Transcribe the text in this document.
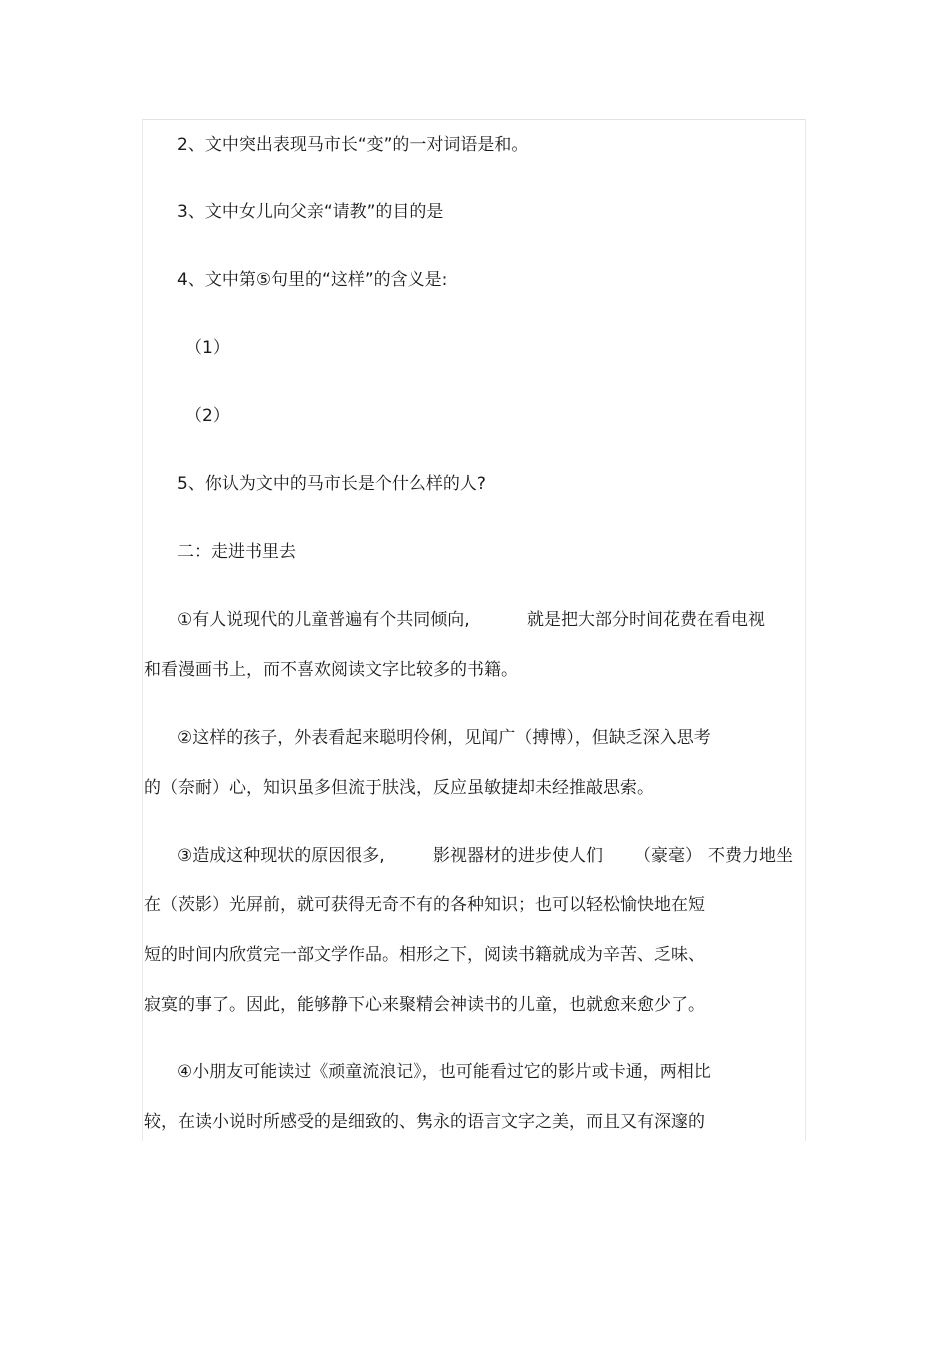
2、文中突出表现马市长“变”的一对词语是和。
3、文中女儿向父亲“请教”的目的是
4、文中第⑤句里的“这样”的含义是:
（1）
（2）
5、你认为文中的马市长是个什么样的人?
二：走进书里去
①有人说现代的儿童普遍有个共同倾向,	就是把大部分时间花费在看电视
和看漫画书上，而不喜欢阅读文字比较多的书籍。
②这样的孩子，外表看起来聪明伶俐，见闻广（搏博），但缺乏深入思考
的（奈耐）心，知识虽多但流于肤浅，反应虽敏捷却未经推敲思索。
③造成这种现状的原因很多,	影视器材的进步使人们 （豪毫） 不费力地坐
在（茨影）光屏前，就可获得无奇不有的各种知识；也可以轻松愉快地在短
短的时间内欣赏完一部文学作品。相形之下，阅读书籍就成为辛苦、乏味、
寂寞的事了。因此，能够静下心来聚精会神读书的儿童，也就愈来愈少了。
④小朋友可能读过《顽童流浪记》，也可能看过它的影片或卡通，两相比
较，在读小说时所感受的是细致的、隽永的语言文字之美，而且又有深邃的
